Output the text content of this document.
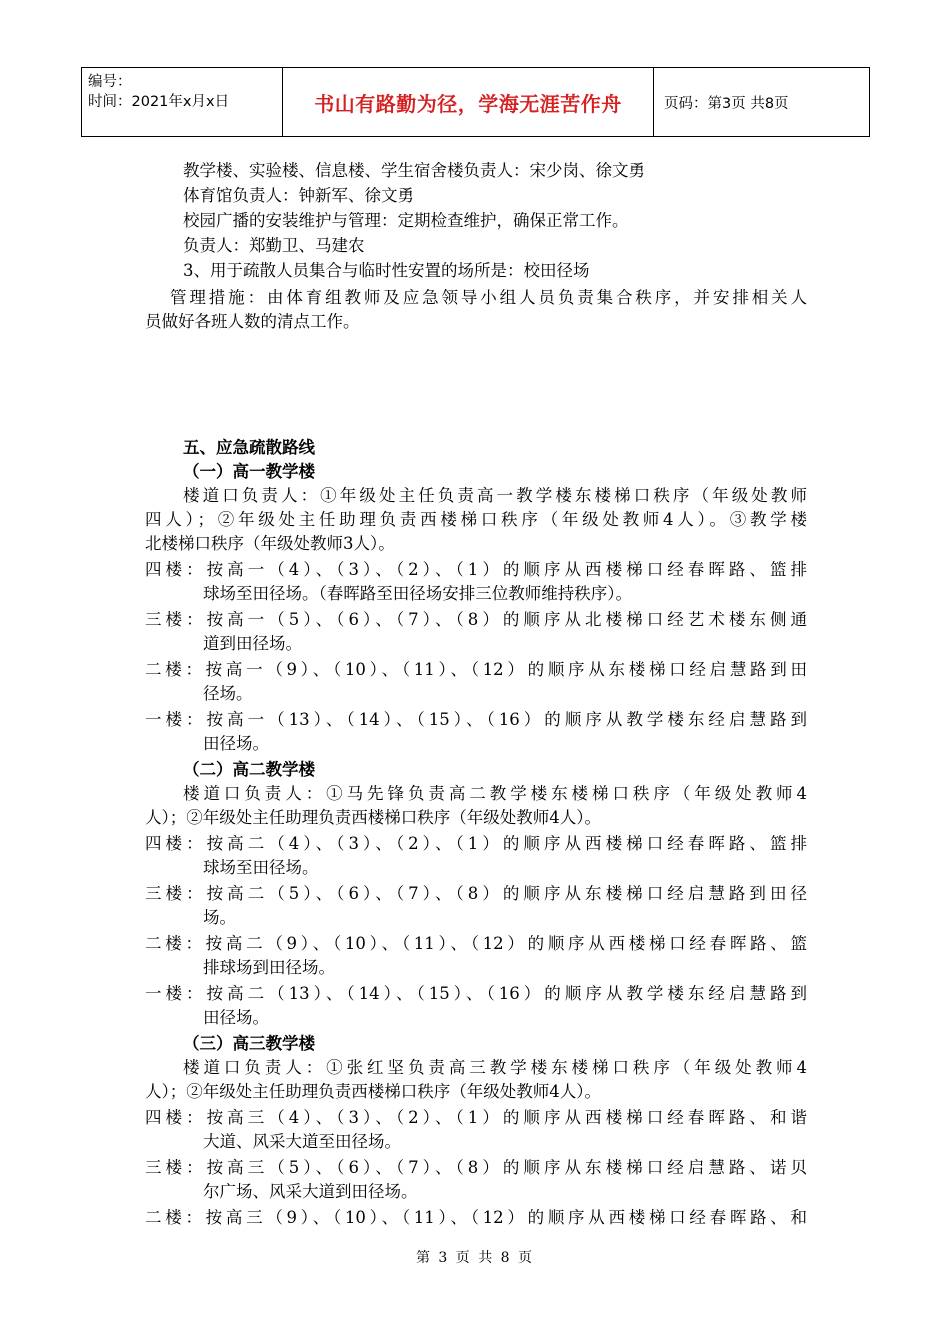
编号：
时间：2021年x月x日	书山有路勤为径，学海无涯苦作舟	页码：第3页 共8页
教学楼、实验楼、信息楼、学生宿舍楼负责人：宋少岗、徐文勇
体育馆负责人：钟新军、徐文勇
校园广播的安装维护与管理：定期检查维护，确保正常工作。
负责人：郑勤卫、马建农
3、用于疏散人员集合与临时性安置的场所是：校田径场
管理措施：由体育组教师及应急领导小组人员负责集合秩序，并安排相关人
员做好各班人数的清点工作。
五、应急疏散路线
（一）高一教学楼
楼道口负责人：①年级处主任负责高一教学楼东楼梯口秩序（年级处教师
四人）；②年级处主任助理负责西楼梯口秩序（年级处教师4人）。③教学楼
北楼梯口秩序（年级处教师3人）。
四楼：按高一（4）、（3）、（2）、（1）的顺序从西楼梯口经春晖路、篮排
球场至田径场。（春晖路至田径场安排三位教师维持秩序）。
三楼：按高一（5）、（6）、（7）、（8）的顺序从北楼梯口经艺术楼东侧通
道到田径场。
二楼：按高一（9）、（10）、（11）、（12）的顺序从东楼梯口经启慧路到田
径场。
一楼：按高一（13）、（14）、（15）、（16）的顺序从教学楼东经启慧路到
田径场。
（二）高二教学楼
楼道口负责人：①马先锋负责高二教学楼东楼梯口秩序（年级处教师4
人）；②年级处主任助理负责西楼梯口秩序（年级处教师4人）。
四楼：按高二（4）、（3）、（2）、（1）的顺序从西楼梯口经春晖路、篮排
球场至田径场。
三楼：按高二（5）、（6）、（7）、（8）的顺序从东楼梯口经启慧路到田径
场。
二楼：按高二（9）、（10）、（11）、（12）的顺序从西楼梯口经春晖路、篮
排球场到田径场。
一楼：按高二（13）、（14）、（15）、（16）的顺序从教学楼东经启慧路到
田径场。
（三）高三教学楼
楼道口负责人：①张红坚负责高三教学楼东楼梯口秩序（年级处教师4
人）；②年级处主任助理负责西楼梯口秩序（年级处教师4人）。
四楼：按高三（4）、（3）、（2）、（1）的顺序从西楼梯口经春晖路、和谐
大道、风采大道至田径场。
三楼：按高三（5）、（6）、（7）、（8）的顺序从东楼梯口经启慧路、诺贝
尔广场、风采大道到田径场。
二楼：按高三（9）、（10）、（11）、（12）的顺序从西楼梯口经春晖路、和
第 3 页 共 8 页
